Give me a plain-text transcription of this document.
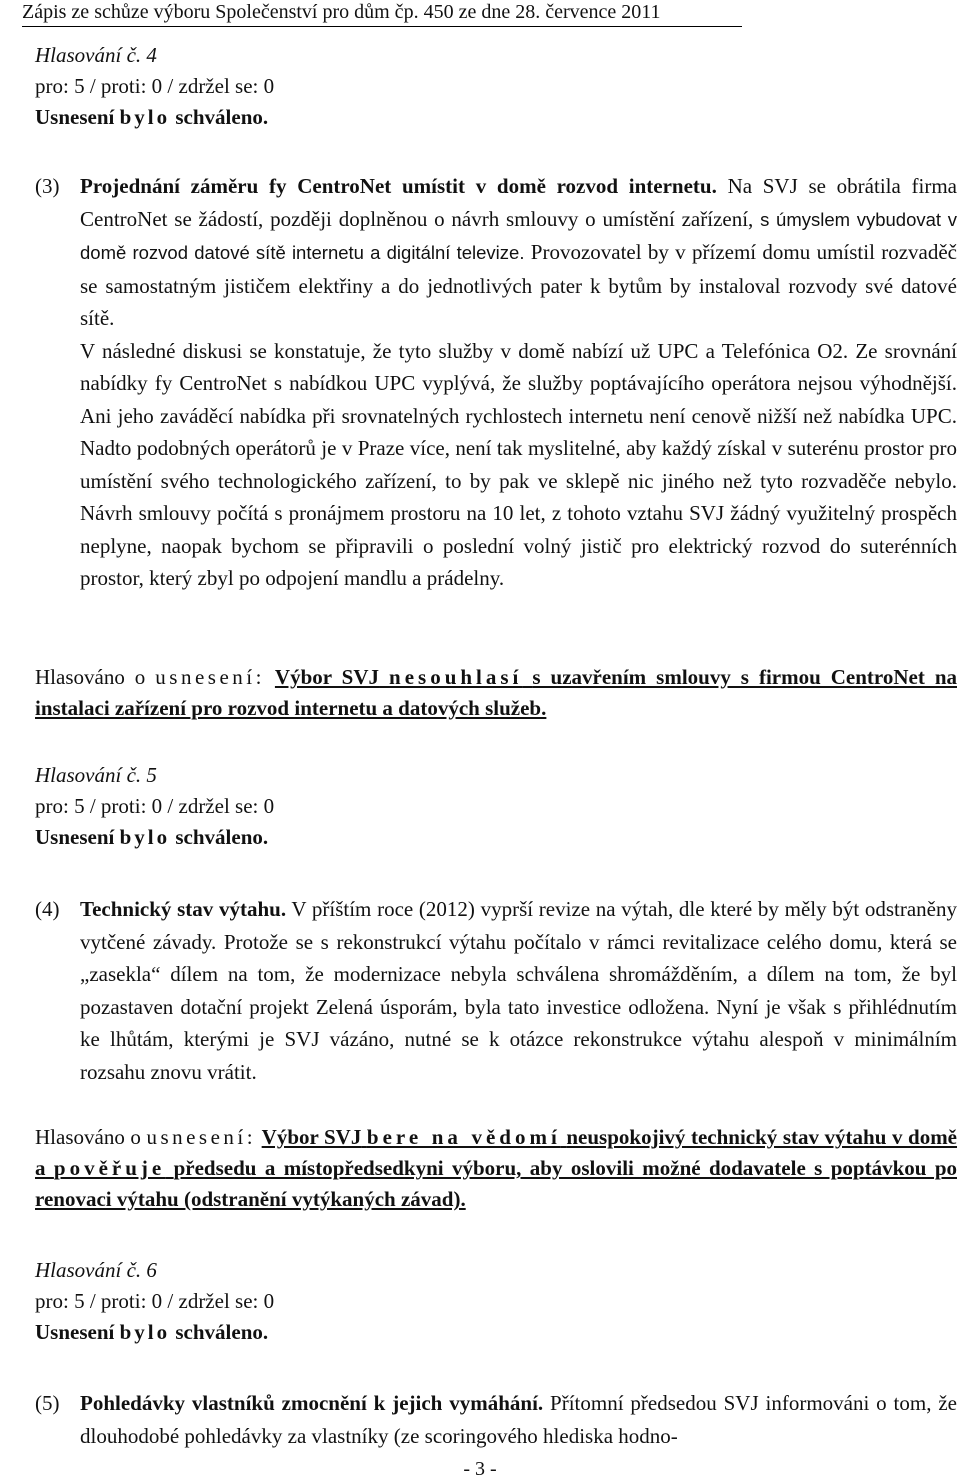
Zápis ze schůze výboru Společenství pro dům čp. 450 ze dne 28. července 2011
Hlasování č. 4
pro: 5 / proti: 0 / zdržel se: 0
Usnesení bylo schváleno.
(3) Projednání záměru fy CentroNet umístit v domě rozvod internetu. Na SVJ se obrátila firma CentroNet se žádostí, později doplněnou o návrh smlouvy o umístění zařízení, s úmyslem vybudovat v domě rozvod datové sítě internetu a digitální televize. Provozovatel by v přízemí domu umístil rozvaděč se samostatným jističem elektřiny a do jednotlivých pater k bytům by instaloval rozvody své datové sítě.
V následné diskusi se konstatuje, že tyto služby v domě nabízí už UPC a Telefónica O2. Ze srovnání nabídky fy CentroNet s nabídkou UPC vyplývá, že služby poptávajícího operátora nejsou výhodnější. Ani jeho zaváděcí nabídka při srovnatelných rychlostech internetu není cenově nižší než nabídka UPC. Nadto podobných operátorů je v Praze více, není tak myslitelné, aby každý získal v suterénu prostor pro umístění svého technologického zařízení, to by pak ve sklepě nic jiného než tyto rozvaděče nebylo. Návrh smlouvy počítá s pronájmem prostoru na 10 let, z tohoto vztahu SVJ žádný využitelný prospěch neplyne, naopak bychom se připravili o poslední volný jistič pro elektrický rozvod do suterénních prostor, který zbyl po odpojení mandlu a prádelny.
Hlasováno o usnesení: Výbor SVJ nesouhlasí s uzavřením smlouvy s firmou CentroNet na instalaci zařízení pro rozvod internetu a datových služeb.
Hlasování č. 5
pro: 5 / proti: 0 / zdržel se: 0
Usnesení bylo schváleno.
(4) Technický stav výtahu. V příštím roce (2012) vyprší revize na výtah, dle které by měly být odstraněny vytčené závady. Protože se s rekonstrukcí výtahu počítalo v rámci revitalizace celého domu, která se „zasekla“ dílem na tom, že modernizace nebyla schválena shromážděním, a dílem na tom, že byl pozastaven dotační projekt Zelená úsporám, byla tato investice odložena. Nyní je však s přihlédnutím ke lhůtám, kterými je SVJ vázáno, nutné se k otázce rekonstrukce výtahu alespoň v minimálním rozsahu znovu vrátit.
Hlasováno o usnesení: Výbor SVJ bere na vědomí neuspokojivý technický stav výtahu v domě a pověřuje předsedu a místopředsedkyni výboru, aby oslovili možné dodavatele s poptávkou po renovaci výtahu (odstranění vytýkaných závad).
Hlasování č. 6
pro: 5 / proti: 0 / zdržel se: 0
Usnesení bylo schváleno.
(5) Pohledávky vlastníků zmocnění k jejich vymáhání. Přítomní předsedou SVJ informováni o tom, že dlouhodobé pohledávky za vlastníky (ze scoringového hlediska hodno-
- 3 -
